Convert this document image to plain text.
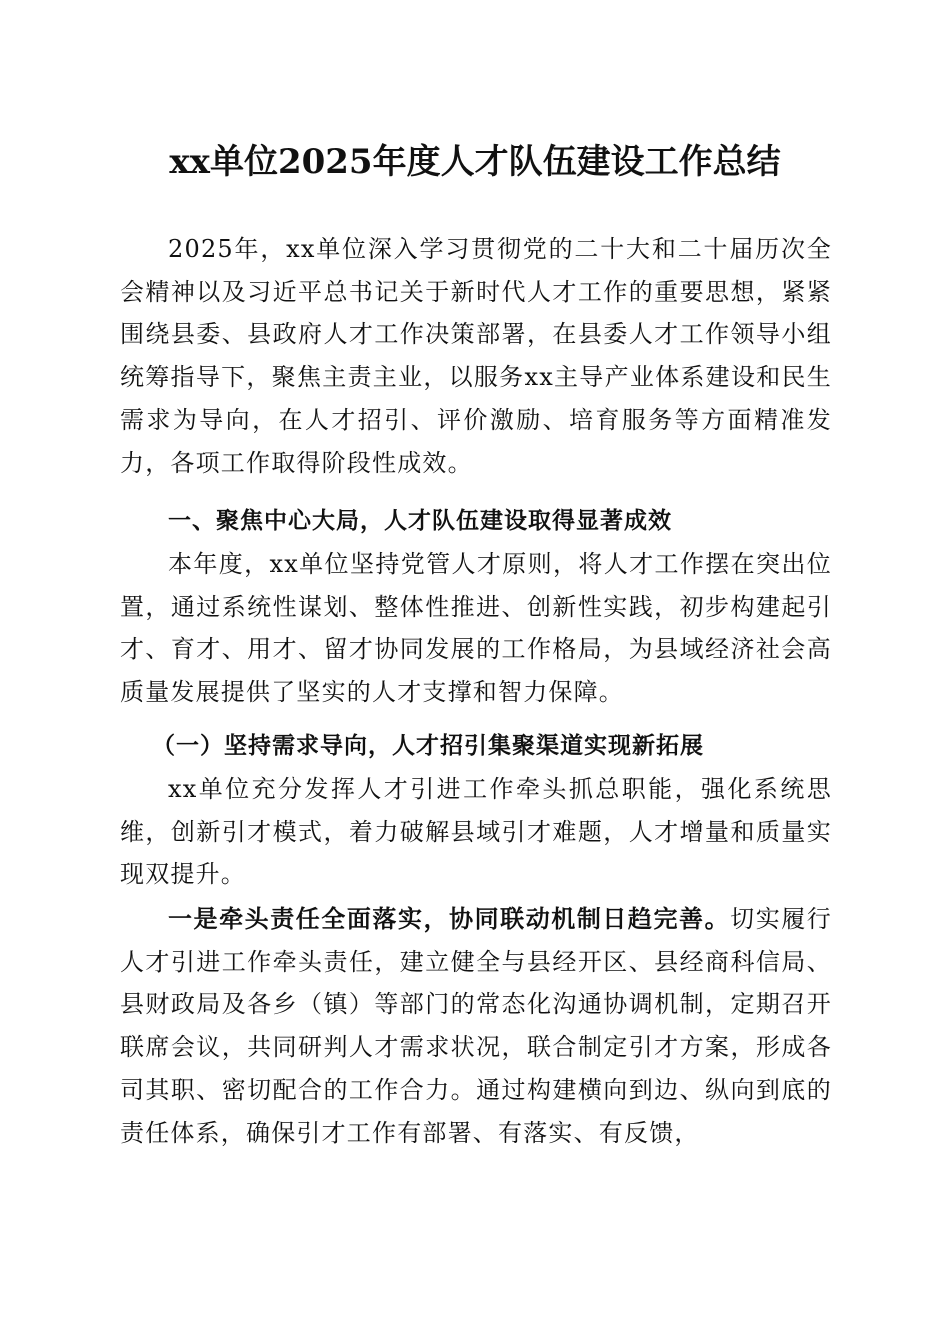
xx单位2025年度人才队伍建设工作总结

2025年，xx单位深入学习贯彻党的二十大和二十届历次全会精神以及习近平总书记关于新时代人才工作的重要思想，紧紧围绕县委、县政府人才工作决策部署，在县委人才工作领导小组统筹指导下，聚焦主责主业，以服务xx主导产业体系建设和民生需求为导向，在人才招引、评价激励、培育服务等方面精准发力，各项工作取得阶段性成效。

一、聚焦中心大局，人才队伍建设取得显著成效

本年度，xx单位坚持党管人才原则，将人才工作摆在突出位置，通过系统性谋划、整体性推进、创新性实践，初步构建起引才、育才、用才、留才协同发展的工作格局，为县域经济社会高质量发展提供了坚实的人才支撑和智力保障。

（一）坚持需求导向，人才招引集聚渠道实现新拓展

xx单位充分发挥人才引进工作牵头抓总职能，强化系统思维，创新引才模式，着力破解县域引才难题，人才增量和质量实现双提升。

一是牵头责任全面落实，协同联动机制日趋完善。切实履行人才引进工作牵头责任，建立健全与县经开区、县经商科信局、县财政局及各乡（镇）等部门的常态化沟通协调机制，定期召开联席会议，共同研判人才需求状况，联合制定引才方案，形成各司其职、密切配合的工作合力。通过构建横向到边、纵向到底的责任体系，确保引才工作有部署、有落实、有反馈，
